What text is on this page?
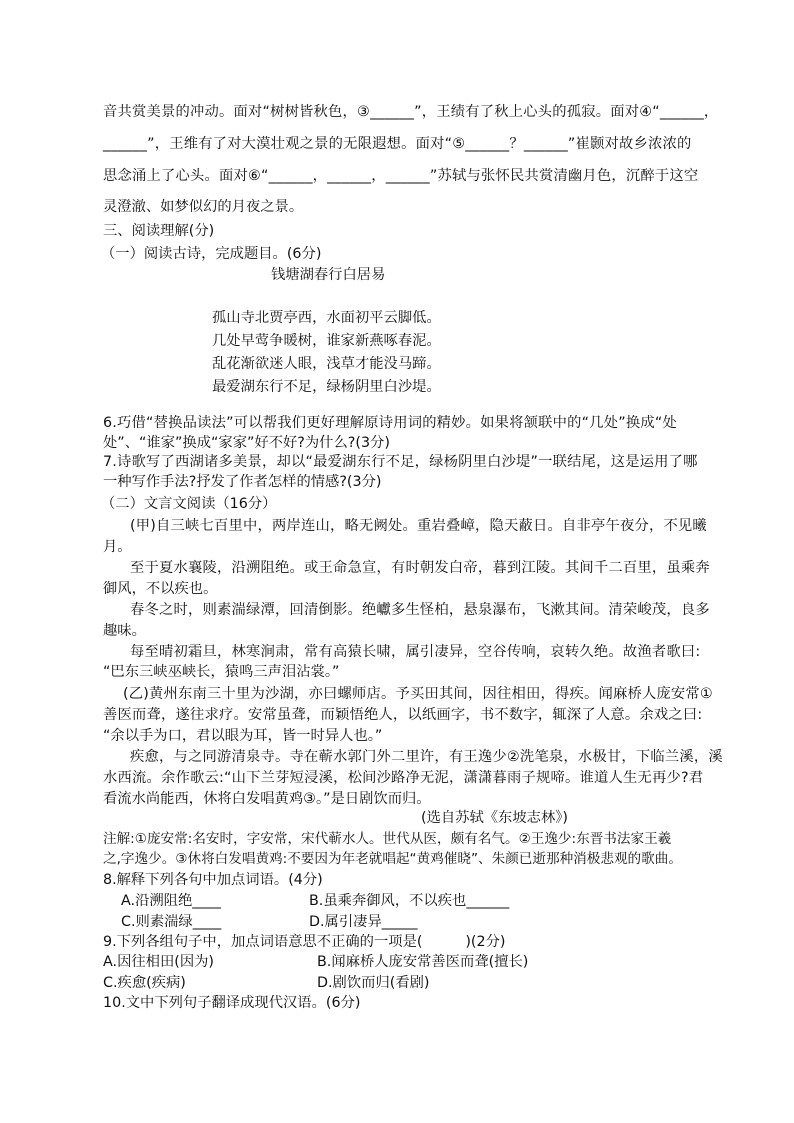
音共赏美景的冲动。面对“树树皆秋色，③______”，王绩有了秋上心头的孤寂。面对④“______，
______”，王维有了对大漠壮观之景的无限遐想。面对“⑤______？______”崔颢对故乡浓浓的
思念涌上了心头。面对⑥“______，______，______”苏轼与张怀民共赏清幽月色，沉醉于这空
灵澄澈、如梦似幻的月夜之景。
三、阅读理解(分)
（一）阅读古诗，完成题目。(6分)
钱塘湖春行白居易
孤山寺北贾亭西，水面初平云脚低。
几处早莺争暖树，谁家新燕啄春泥。
乱花渐欲迷人眼，浅草才能没马蹄。
最爱湖东行不足，绿杨阴里白沙堤。
6.巧借“替换品读法”可以帮我们更好理解原诗用词的精妙。如果将颔联中的“几处”换成“处
处”、“谁家”换成“家家”好不好?为什么?(3分)
7.诗歌写了西湖诸多美景，却以“最爱湖东行不足，绿杨阴里白沙堤”一联结尾，这是运用了哪
一种写作手法?抒发了作者怎样的情感?(3分)
（二）文言文阅读（16分）
(甲)自三峡七百里中，两岸连山，略无阙处。重岩叠嶂，隐天蔽日。自非亭午夜分，不见曦
月。
至于夏水襄陵，沿溯阻绝。或王命急宣，有时朝发白帝，暮到江陵。其间千二百里，虽乘奔
御风，不以疾也。
春冬之时，则素湍绿潭，回清倒影。绝巘多生怪柏，悬泉瀑布，飞漱其间。清荣峻茂，良多
趣味。
每至晴初霜旦，林寒涧肃，常有高猿长啸，属引凄异，空谷传响，哀转久绝。故渔者歌曰:
“巴东三峡巫峡长，猿鸣三声泪沾裳。”
(乙)黄州东南三十里为沙湖，亦曰螺师店。予买田其间，因往相田，得疾。闻麻桥人庞安常①
善医而聋，遂往求疗。安常虽聋，而颖悟绝人，以纸画字，书不数字，辄深了人意。余戏之曰:
“余以手为口，君以眼为耳，皆一时异人也。”
疾愈，与之同游清泉寺。寺在蕲水郭门外二里许，有王逸少②洗笔泉，水极甘，下临兰溪，溪
水西流。余作歌云:“山下兰芽短浸溪，松间沙路净无泥，潇潇暮雨子规啼。谁道人生无再少?君
看流水尚能西，休将白发唱黄鸡③。”是日剧饮而归。
(选自苏轼《东坡志林》)
注解:①庞安常:名安时，字安常，宋代蕲水人。世代从医，颇有名气。②王逸少:东晋书法家王羲
之,字逸少。③休将白发唱黄鸡:不要因为年老就唱起“黄鸡催晓”、朱颜已逝那种消极悲观的歌曲。
8.解释下列各句中加点词语。(4分)
A.沿溯阻绝____	B.虽乘奔御风，不以疾也______
C.则素湍绿____	D.属引凄异_____
9.下列各组句子中，加点词语意思不正确的一项是(　　　)(2分)
A.因往相田(因为)	B.闻麻桥人庞安常善医而聋(擅长)
C.疾愈(疾病)	D.剧饮而归(看剧)
10.文中下列句子翻译成现代汉语。(6分)
